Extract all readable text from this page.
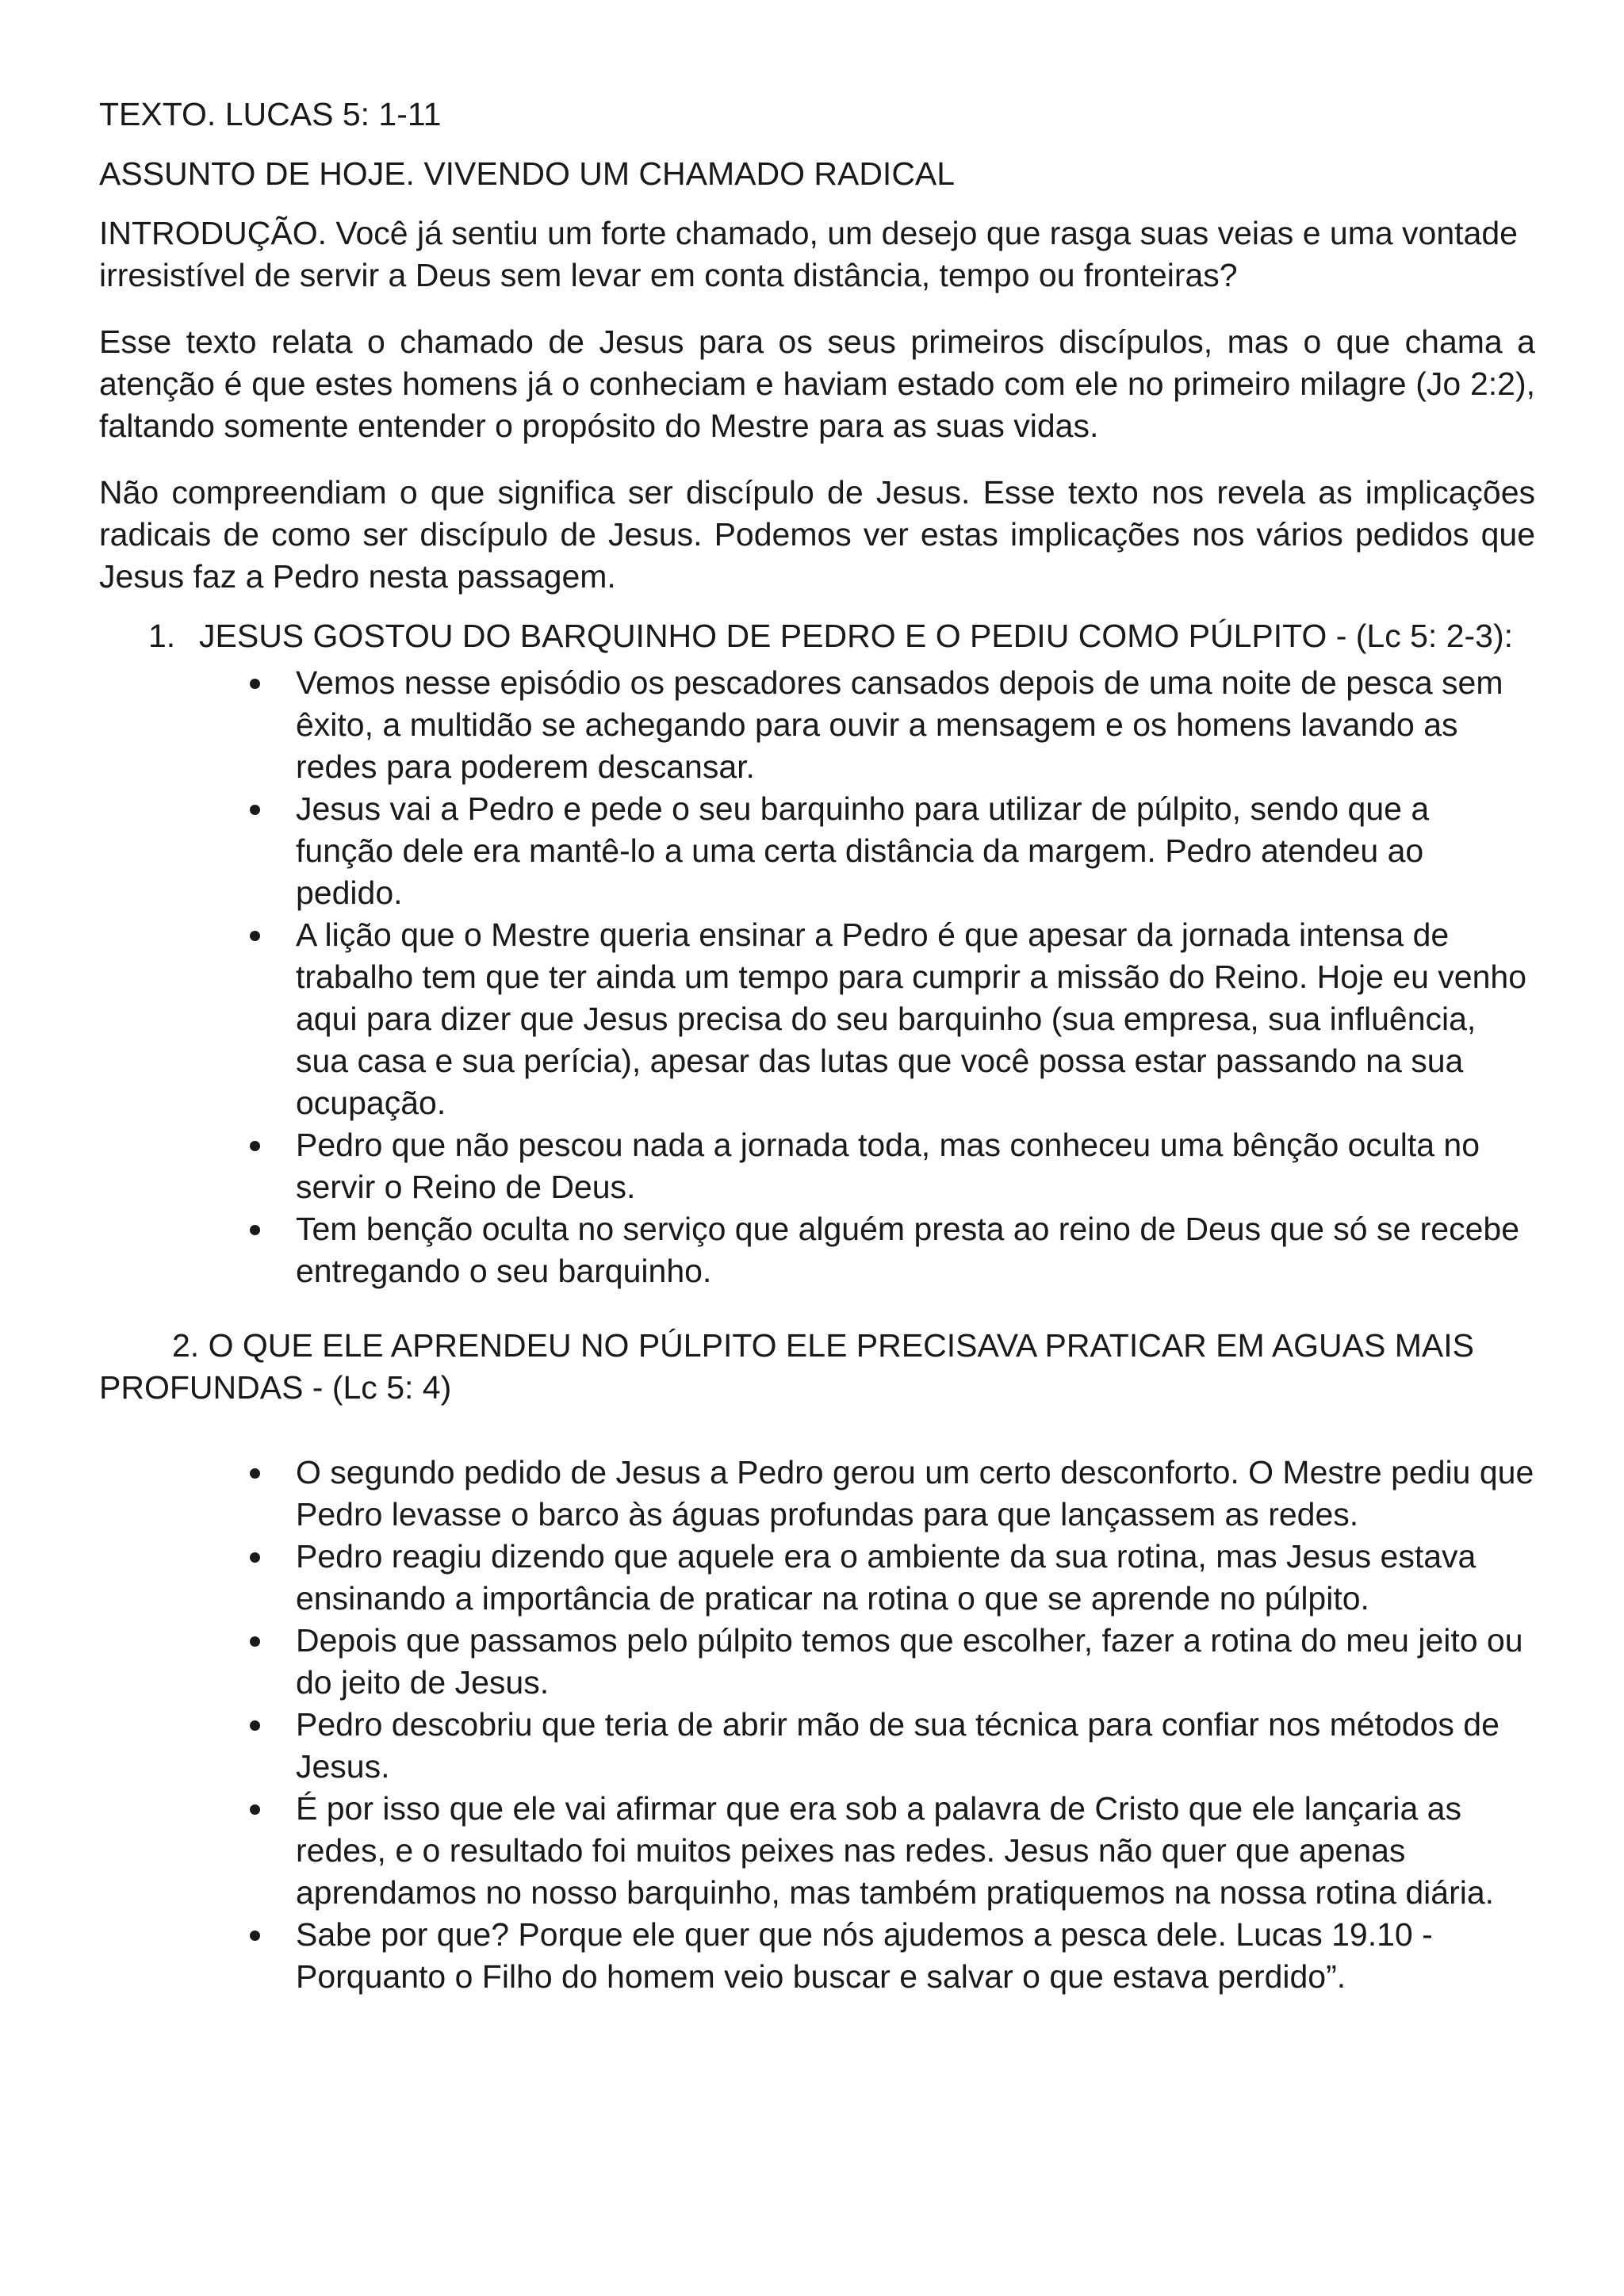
TEXTO. LUCAS 5: 1-11

ASSUNTO DE HOJE. VIVENDO UM CHAMADO RADICAL

INTRODUÇÃO. Você já sentiu um forte chamado, um desejo que rasga suas veias e uma vontade irresistível de servir a Deus sem levar em conta distância, tempo ou fronteiras?

Esse texto relata o chamado de Jesus para os seus primeiros discípulos, mas o que chama a atenção é que estes homens já o conheciam e haviam estado com ele no primeiro milagre (Jo 2:2), faltando somente entender o propósito do Mestre para as suas vidas.

Não compreendiam o que significa ser discípulo de Jesus. Esse texto nos revela as implicações radicais de como ser discípulo de Jesus. Podemos ver estas implicações nos vários pedidos que Jesus faz a Pedro nesta passagem.

1. JESUS GOSTOU DO BARQUINHO DE PEDRO E O PEDIU COMO PÚLPITO - (Lc 5: 2-3):
Vemos nesse episódio os pescadores cansados depois de uma noite de pesca sem êxito, a multidão se achegando para ouvir a mensagem e os homens lavando as redes para poderem descansar.
Jesus vai a Pedro e pede o seu barquinho para utilizar de púlpito, sendo que a função dele era mantê-lo a uma certa distância da margem. Pedro atendeu ao pedido.
A lição que o Mestre queria ensinar a Pedro é que apesar da jornada intensa de trabalho tem que ter ainda um tempo para cumprir a missão do Reino. Hoje eu venho aqui para dizer que Jesus precisa do seu barquinho (sua empresa, sua influência, sua casa e sua perícia), apesar das lutas que você possa estar passando na sua ocupação.
Pedro que não pescou nada a jornada toda, mas conheceu uma bênção oculta no servir o Reino de Deus.
Tem benção oculta no serviço que alguém presta ao reino de Deus que só se recebe entregando o seu barquinho.

2. O QUE ELE APRENDEU NO PÚLPITO ELE PRECISAVA PRATICAR EM AGUAS MAIS PROFUNDAS - (Lc 5: 4)

O segundo pedido de Jesus a Pedro gerou um certo desconforto. O Mestre pediu que Pedro levasse o barco às águas profundas para que lançassem as redes.
Pedro reagiu dizendo que aquele era o ambiente da sua rotina, mas Jesus estava ensinando a importância de praticar na rotina o que se aprende no púlpito.
Depois que passamos pelo púlpito temos que escolher, fazer a rotina do meu jeito ou do jeito de Jesus.
Pedro descobriu que teria de abrir mão de sua técnica para confiar nos métodos de Jesus.
É por isso que ele vai afirmar que era sob a palavra de Cristo que ele lançaria as redes, e o resultado foi muitos peixes nas redes. Jesus não quer que apenas aprendamos no nosso barquinho, mas também pratiquemos na nossa rotina diária.
Sabe por que? Porque ele quer que nós ajudemos a pesca dele. Lucas 19.10 - Porquanto o Filho do homem veio buscar e salvar o que estava perdido”.
